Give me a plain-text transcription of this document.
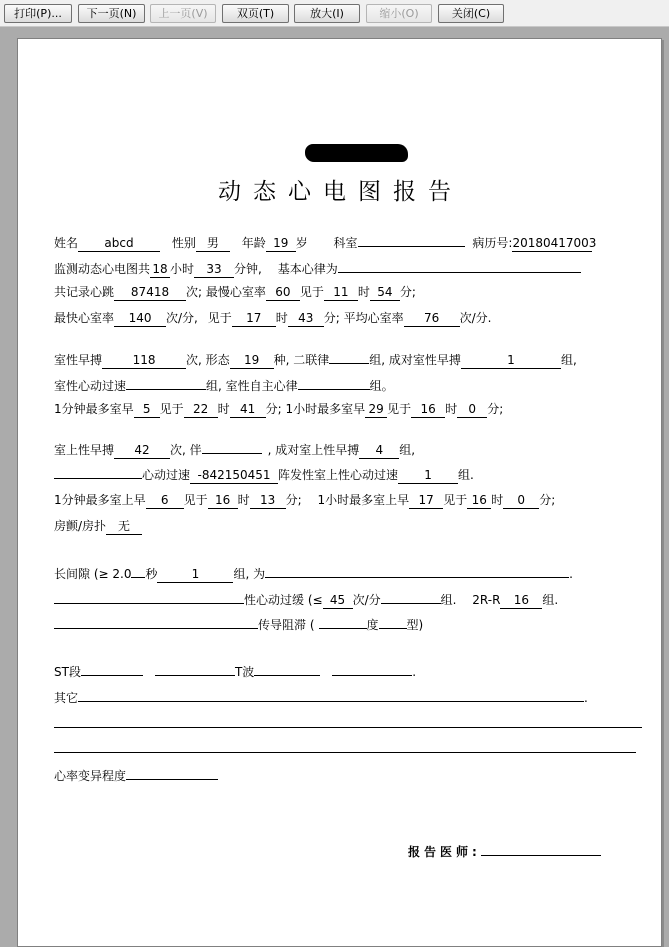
打印(P)...	下一页(N)	上一页(V)	双页(T)	放大(I)	缩小(O)	关闭(C)
动态心电图报告
姓名 abcd	性别 男 年龄 19 岁 科室	病历号:20180417003
监测动态心电图共 18 小时 33 分钟, 基本心律为
共记录心跳 87418 次; 最慢心室率 60 见于 11 时 54 分;
最快心室率 140 次/分, 见于 17 时 43 分; 平均心室率 76 次/分.
室性早搏	118	次, 形态 19 种, 二联律	组, 成对室性早搏	1	组,
室性心动过速	组, 室性自主心律	组。
1分钟最多室早 5 见于 22 时 41 分; 1小时最多室早 29 见于 16 时 0 分;
室上性早搏 42 次, 伴	, 成对室上性早搏 4 组,
心动过速 -842150451 阵发性室上性心动过速 1 组.
1分钟最多室上早 6 见于 16 时 13 分; 1小时最多室上早 17 见于 16 时 0 分;
房颤/房扑 无
长间隙 (≥ 2.0 秒	1	组, 为	.
性心动过缓 (≤ 45 次/分	组. 2R-R 16 组.
传导阻滞 (	度 型)
ST段	T波	.
其它	.
心率变异程度
报告医师:
